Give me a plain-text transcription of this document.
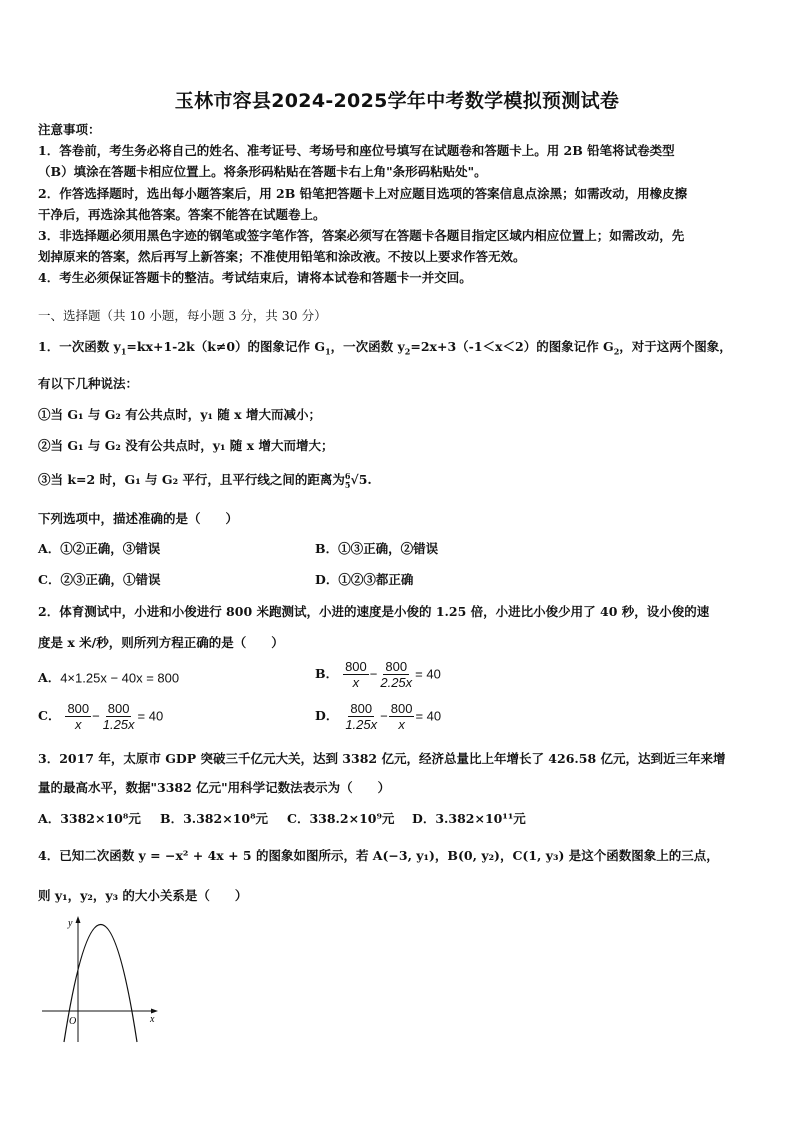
玉林市容县2024-2025学年中考数学模拟预测试卷
注意事项：
1．答卷前，考生务必将自己的姓名、准考证号、考场号和座位号填写在试题卷和答题卡上。用 2B 铅笔将试卷类型
（B）填涂在答题卡相应位置上。将条形码粘贴在答题卡右上角"条形码粘贴处"。
2．作答选择题时，选出每小题答案后，用 2B 铅笔把答题卡上对应题目选项的答案信息点涂黑；如需改动，用橡皮擦
干净后，再选涂其他答案。答案不能答在试题卷上。
3．非选择题必须用黑色字迹的钢笔或签字笔作答，答案必须写在答题卡各题目指定区域内相应位置上；如需改动，先
划掉原来的答案，然后再写上新答案；不准使用铅笔和涂改液。不按以上要求作答无效。
4．考生必须保证答题卡的整洁。考试结束后，请将本试卷和答题卡一并交回。
一、选择题（共 10 小题，每小题 3 分，共 30 分）
1．一次函数 $y_1=kx+1-2k(k\ne 0)$的图象记作 $G_1$，一次函数 $y_2=2x+3(-1<x<2)$的图象记作 $G_2$，对于这两个图象，
有以下几种说法：
①当 G₁ 与 G₂ 有公共点时，y₁ 随 x 增大而减小；
②当 G₁ 与 G₂ 没有公共点时，y₁ 随 x 增大而增大；
③当 k=2 时，G₁ 与 G₂ 平行，且平行线之间的距离为 6
5 √5.
下列选项中，描述准确的是（　　）
A．①②正确，③错误	B．①③正确，②错误
C．②③正确，①错误	D．①②③都正确
2．体育测试中，小进和小俊进行 800 米跑测试，小进的速度是小俊的 1.25 倍，小进比小俊少用了 40 秒，设小俊的速
度是 x 米/秒，则所列方程正确的是（　　）
A．4×1.25x − 40x = 800	B． $\frac{800}{x} - \frac{800}{2.25x} = 40$
C． $\frac{800}{x} - \frac{800}{1.25x} = 40$	D． $\frac{800}{1.25x} - \frac{800}{x} = 40$
3．2017 年，太原市 GDP 突破三千亿元大关，达到 3382 亿元，经济总量比上年增长了 426.58 亿元，达到近三年来增
量的最高水平，数据"3382 亿元"用科学记数法表示为（　　）
A．3382×10⁸元 B．3.382×10⁸元 C．338.2×10⁹元 D．3.382×10¹¹元
4．已知二次函数 y = −x² + 4x + 5 的图象如图所示，若 A(−3, y₁)，B(0, y₂)，C(1, y₃) 是这个函数图象上的三点，
则 y₁，y₂，y₃ 的大小关系是（　　）
y
x
O
